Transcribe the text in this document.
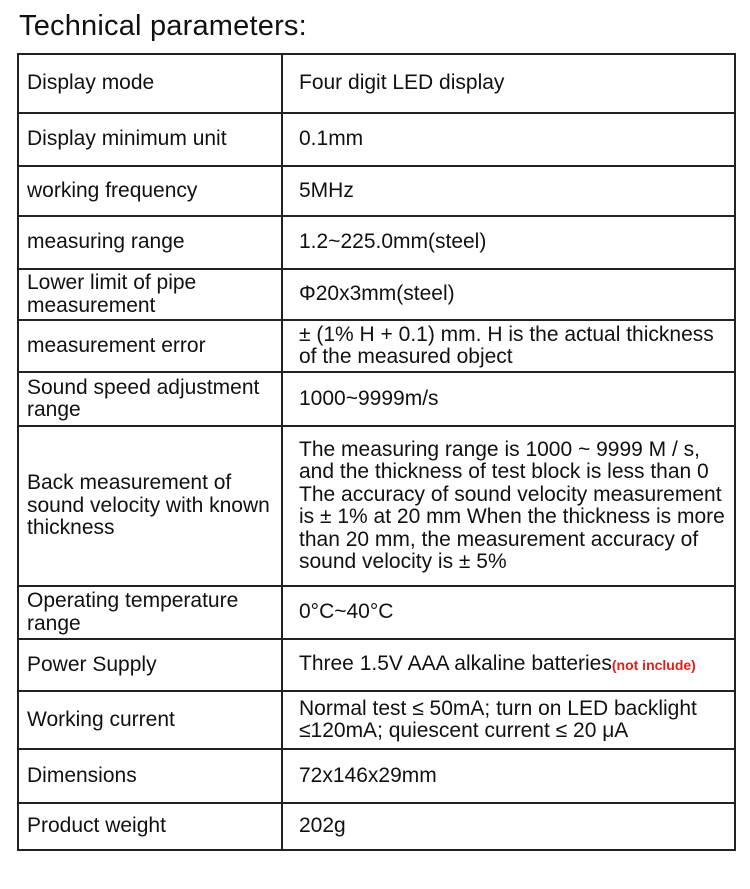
Technical parameters:
Display mode	Four digit LED display
Display minimum unit	0.1mm
working frequency	5MHz
measuring range	1.2~225.0mm(steel)
Lower limit of pipe measurement	Φ20x3mm(steel)
measurement error	± (1% H + 0.1) mm. H is the actual thickness of the measured object
Sound speed adjustment range	1000~9999m/s
Back measurement of sound velocity with known thickness	The measuring range is 1000 ~ 9999 M / s, and the thickness of test block is less than 0 The accuracy of sound velocity measurement is ± 1% at 20 mm When the thickness is more than 20 mm, the measurement accuracy of sound velocity is ± 5%
Operating temperature range	0°C~40°C
Power Supply	Three 1.5V AAA alkaline batteries(not include)
Working current	Normal test ≤ 50mA; turn on LED backlight ≤120mA; quiescent current ≤ 20 μA
Dimensions	72x146x29mm
Product weight	202g
